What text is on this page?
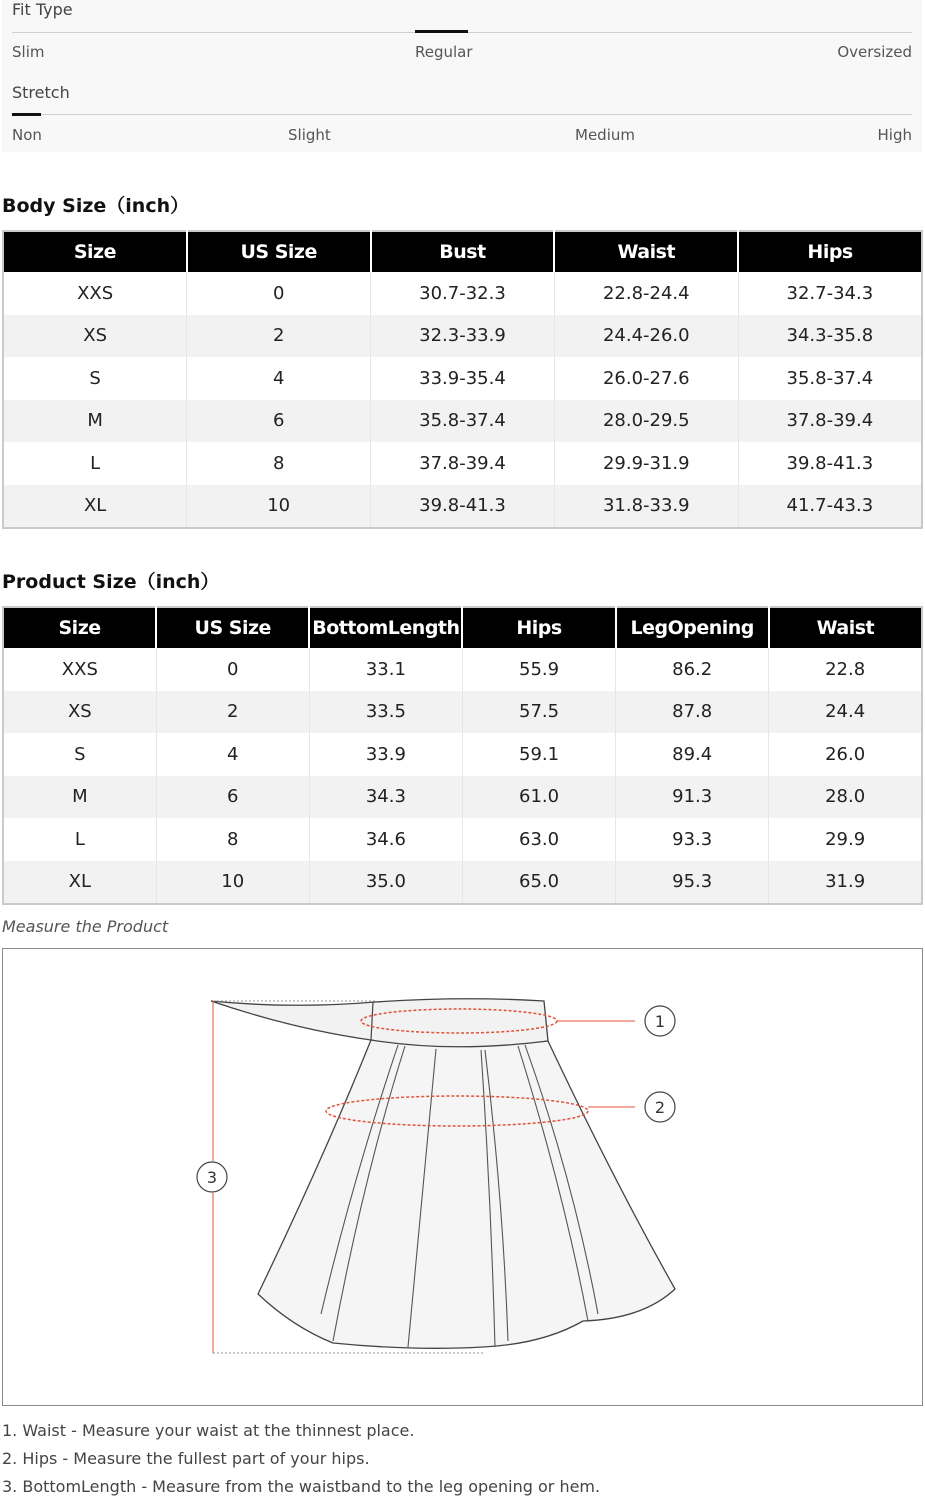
Fit Type
Slim	Regular	Oversized
Stretch
Non	Slight	Medium	High
Body Size（inch）
Size	US Size	Bust	Waist	Hips
XXS	0	30.7-32.3	22.8-24.4	32.7-34.3
XS	2	32.3-33.9	24.4-26.0	34.3-35.8
S	4	33.9-35.4	26.0-27.6	35.8-37.4
M	6	35.8-37.4	28.0-29.5	37.8-39.4
L	8	37.8-39.4	29.9-31.9	39.8-41.3
XL	10	39.8-41.3	31.8-33.9	41.7-43.3
Product Size（inch）
Size	US Size	BottomLength	Hips	LegOpening	Waist
XXS	0	33.1	55.9	86.2	22.8
XS	2	33.5	57.5	87.8	24.4
S	4	33.9	59.1	89.4	26.0
M	6	34.3	61.0	91.3	28.0
L	8	34.6	63.0	93.3	29.9
XL	10	35.0	65.0	95.3	31.9
Measure the Product
1
2
3
1. Waist - Measure your waist at the thinnest place.
2. Hips - Measure the fullest part of your hips.
3. BottomLength - Measure from the waistband to the leg opening or hem.
